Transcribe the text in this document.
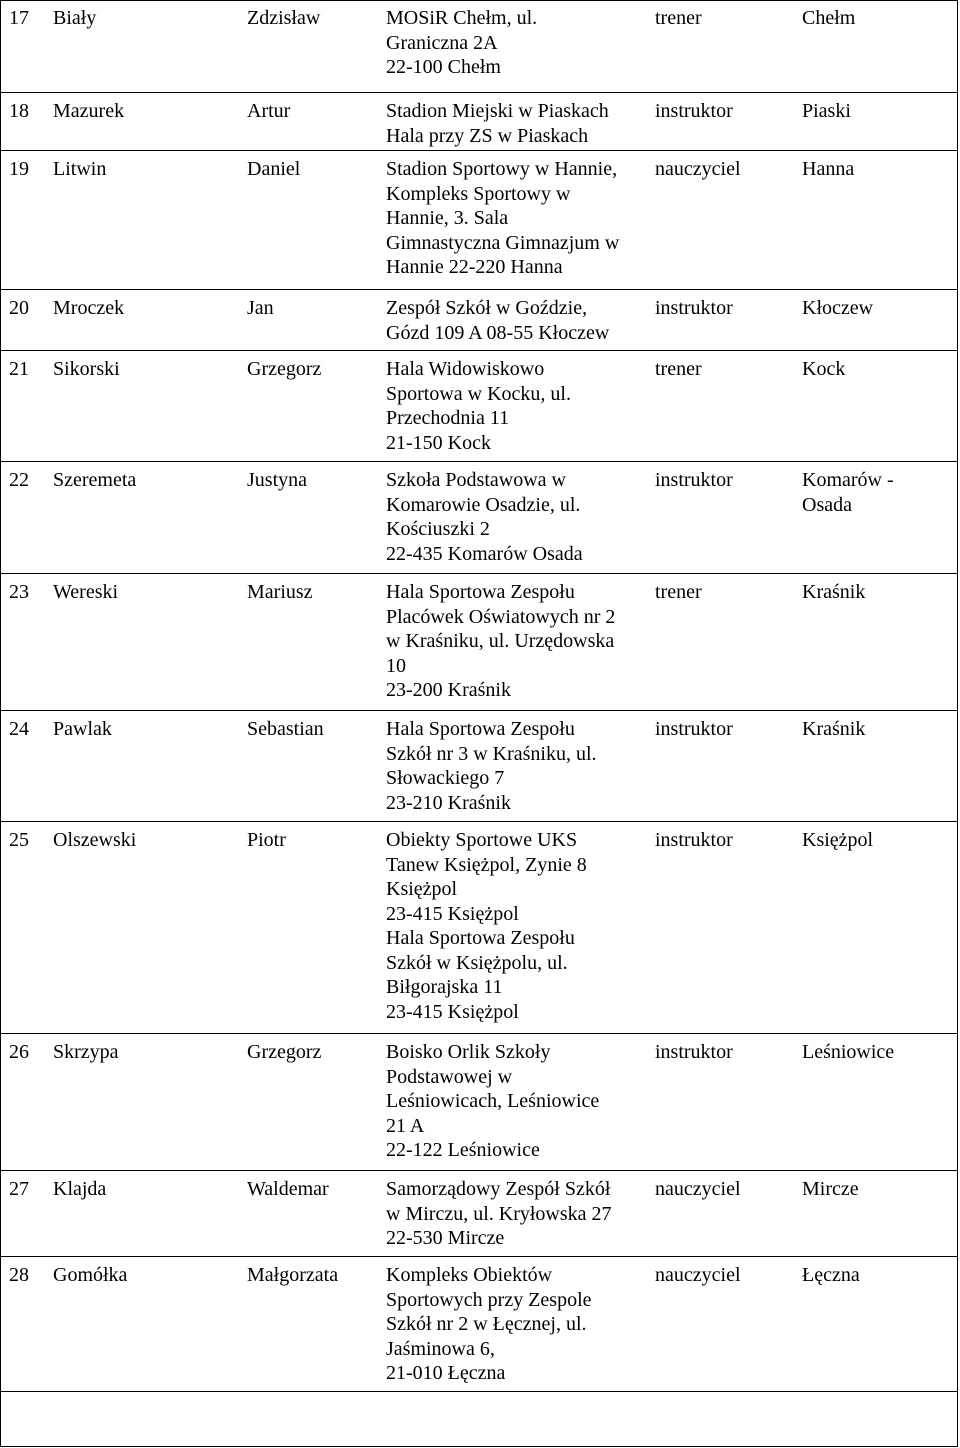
17	Biały	Zdzisław	MOSiR Chełm, ul.
Graniczna 2A
22-100 Chełm
trener	Chełm
18	Mazurek	Artur	Stadion Miejski w Piaskach
Hala przy ZS w Piaskach
instruktor	Piaski
19	Litwin	Daniel	Stadion Sportowy w Hannie,
Kompleks Sportowy w
Hannie, 3. Sala
Gimnastyczna Gimnazjum w
Hannie 22-220 Hanna
nauczyciel	Hanna
20	Mroczek	Jan	Zespół Szkół w Goździe,
Gózd 109 A 08-55 Kłoczew
instruktor	Kłoczew
21	Sikorski	Grzegorz	Hala Widowiskowo
Sportowa w Kocku, ul.
Przechodnia 11
21-150 Kock
trener	Kock
22	Szeremeta	Justyna	Szkoła Podstawowa w
Komarowie Osadzie, ul.
Kościuszki 2
22-435 Komarów Osada
instruktor	Komarów -
Osada
23	Wereski	Mariusz	Hala Sportowa Zespołu
Placówek Oświatowych nr 2
w Kraśniku, ul. Urzędowska
10
23-200 Kraśnik
trener	Kraśnik
24	Pawlak	Sebastian	Hala Sportowa Zespołu
Szkół nr 3 w Kraśniku, ul.
Słowackiego 7
23-210 Kraśnik
instruktor	Kraśnik
25	Olszewski	Piotr	Obiekty Sportowe UKS
Tanew Księżpol, Zynie 8
Księżpol
23-415 Księżpol
Hala Sportowa Zespołu
Szkół w Księżpolu, ul.
Biłgorajska 11
23-415 Księżpol
instruktor	Księżpol
26	Skrzypa	Grzegorz	Boisko Orlik Szkoły
Podstawowej w
Leśniowicach, Leśniowice
21 A
22-122 Leśniowice
instruktor	Leśniowice
27	Klajda	Waldemar	Samorządowy Zespół Szkół
w Mirczu, ul. Kryłowska 27
22-530 Mircze
nauczyciel	Mircze
28	Gomółka	Małgorzata	Kompleks Obiektów
Sportowych przy Zespole
Szkół nr 2 w Łęcznej, ul.
Jaśminowa 6,
21-010 Łęczna
nauczyciel	Łęczna
